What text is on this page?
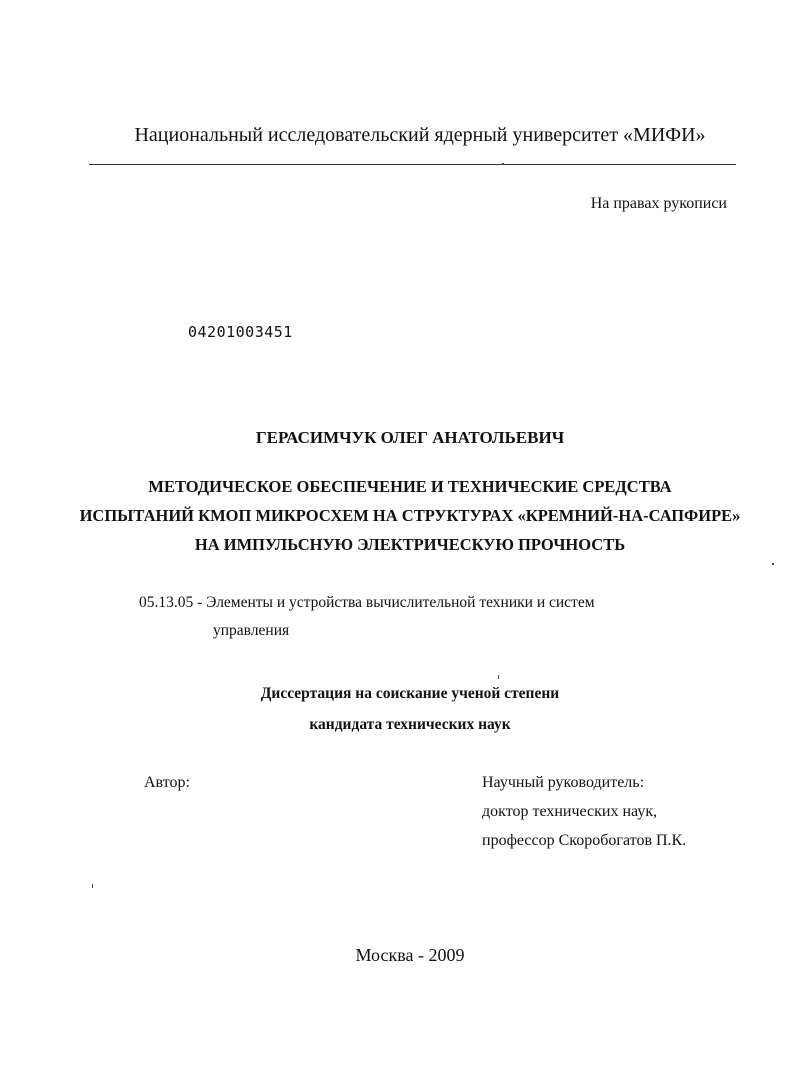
Национальный исследовательский ядерный университет «МИФИ»
На правах рукописи
04201003451
ГЕРАСИМЧУК ОЛЕГ АНАТОЛЬЕВИЧ
МЕТОДИЧЕСКОЕ ОБЕСПЕЧЕНИЕ И ТЕХНИЧЕСКИЕ СРЕДСТВА
ИСПЫТАНИЙ КМОП МИКРОСХЕМ НА СТРУКТУРАХ «КРЕМНИЙ-НА-САПФИРЕ»
НА ИМПУЛЬСНУЮ ЭЛЕКТРИЧЕСКУЮ ПРОЧНОСТЬ
05.13.05 - Элементы и устройства вычислительной техники и систем
управления
Диссертация на соискание ученой степени
кандидата технических наук
Автор:	Научный руководитель:
доктор технических наук,
профессор Скоробогатов П.К.
Москва - 2009
